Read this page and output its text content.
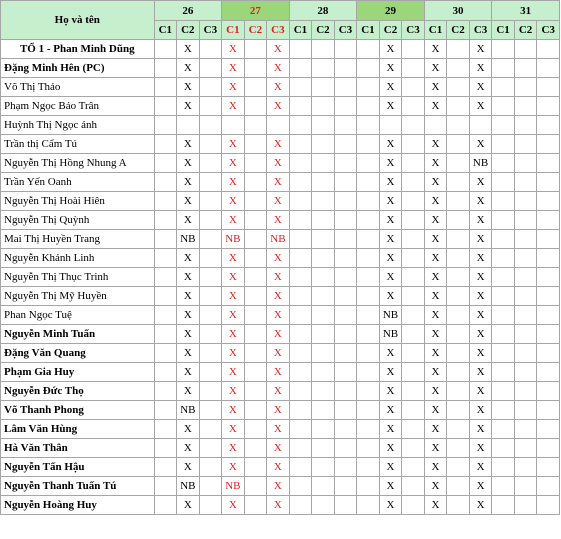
Họ và tên	26			27			28			29			30			31		
	C1	C2	C3	C1	C2	C3	C1	C2	C3	C1	C2	C3	C1	C2	C3	C1	C2	C3
TỔ 1 - Phan Minh Dũng		X		X		X					X		X		X			
Đặng Minh Hên (PC)		X		X		X					X		X		X			
Võ Thị Thảo		X		X		X					X		X		X			
Phạm Ngọc Bảo Trân		X		X		X					X		X		X			
Huỳnh Thị Ngọc ánh																		
Trần thị Cẩm Tú		X		X		X					X		X		X			
Nguyễn Thị Hồng Nhung A		X		X		X					X		X		NB			
Trần Yến Oanh		X		X		X					X		X		X			
Nguyễn Thị Hoài Hiên		X		X		X					X		X		X			
Nguyễn Thị Quỳnh		X		X		X					X		X		X			
Mai Thị Huyền Trang		NB		NB		NB					X		X		X			
Nguyễn Khánh Linh		X		X		X					X		X		X			
Nguyễn Thị Thục Trinh		X		X		X					X		X		X			
Nguyễn Thị Mỹ Huyền		X		X		X					X		X		X			
Phan Ngọc Tuệ		X		X		X					NB		X		X			
Nguyễn Minh Tuấn		X		X		X					NB		X		X			
Đặng Văn Quang		X		X		X					X		X		X			
Phạm Gia Huy		X		X		X					X		X		X			
Nguyễn Đức Thọ		X		X		X					X		X		X			
Võ Thanh Phong		NB		X		X					X		X		X			
Lâm Văn Hùng		X		X		X					X		X		X			
Hà Văn Thân		X		X		X					X		X		X			
Nguyễn Tấn Hậu		X		X		X					X		X		X			
Nguyễn Thanh Tuấn Tú		NB		NB		X					X		X		X			
Nguyễn Hoàng Huy		X		X		X					X		X		X			
